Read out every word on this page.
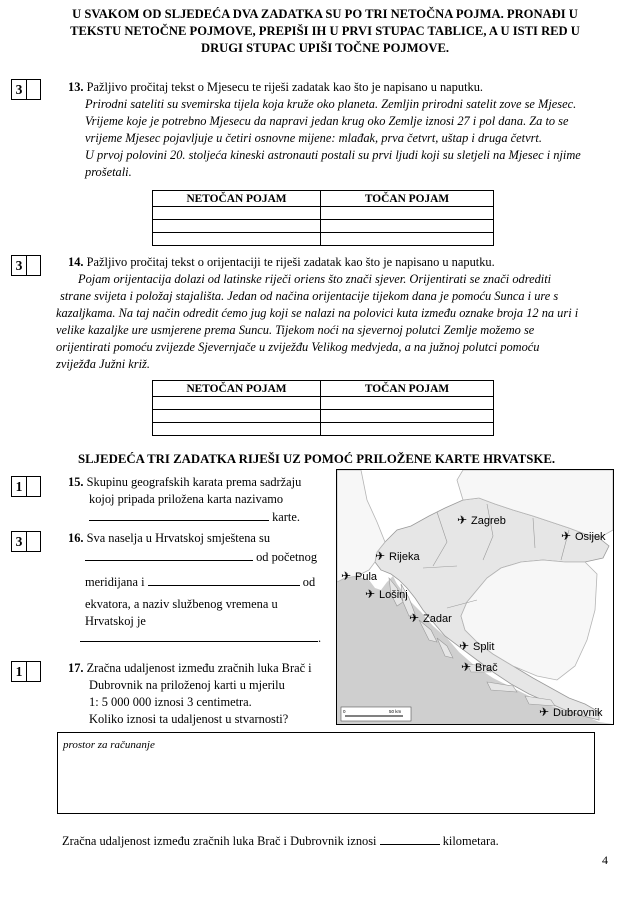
U SVAKOM OD SLJEDEĆA DVA ZADATKA SU PO TRI NETOČNA POJMA. PRONAĐI U
TEKSTU NETOČNE POJMOVE, PREPIŠI IH U PRVI STUPAC TABLICE, A U ISTI RED U
DRUGI STUPAC UPIŠI TOČNE POJMOVE.
3	13. Pažljivo pročitaj tekst o Mjesecu te riješi zadatak kao što je napisano u naputku.
Prirodni sateliti su svemirska tijela koja kruže oko planeta. Zemljin prirodni satelit zove se Mjesec.
Vrijeme koje je potrebno Mjesecu da napravi jedan krug oko Zemlje iznosi 27 i pol dana. Za to se
vrijeme Mjesec pojavljuje u četiri osnovne mijene: mlađak, prva četvrt, uštap i druga četvrt.
U prvoj polovini 20. stoljeća kineski astronauti postali su prvi ljudi koji su sletjeli na Mjesec i njime
prošetali.
NETOČAN POJAM	TOČAN POJAM

3	14. Pažljivo pročitaj tekst o orijentaciji te riješi zadatak kao što je napisano u naputku.
Pojam orijentacija dolazi od latinske riječi oriens što znači sjever. Orijentirati se znači odrediti
strane svijeta i položaj stajališta. Jedan od načina orijentacije tijekom dana je pomoću Sunca i ure s
kazaljkama. Na taj način odredit ćemo jug koji se nalazi na polovici kuta između oznake broja 12 na uri i
velike kazaljke ure usmjerene prema Suncu. Tijekom noći na sjevernoj polutci Zemlje možemo se
orijentirati pomoću zvijezde Sjevernjače u zviježđu Velikog medvjeda, a na južnoj polutci pomoću
zviježđa Južni križ.
NETOČAN POJAM	TOČAN POJAM

SLJEDEĆA TRI ZADATKA RIJEŠI UZ POMOĆ PRILOŽENE KARTE HRVATSKE.
1	15. Skupinu geografskih karata prema sadržaju
kojoj pripada priložena karta nazivamo
karte.
3	16. Sva naselja u Hrvatskoj smještena su
od početnog
meridijana i	od
ekvatora, a naziv službenog vremena u
Hrvatskoj je
.
1	17. Zračna udaljenost između zračnih luka Brač i
Dubrovnik na priloženoj karti u mjerilu
1: 5 000 000 iznosi 3 centimetra.
Koliko iznosi ta udaljenost u stvarnosti?
✈ Zagreb
✈ Osijek
✈ Rijeka
✈ Pula
✈ Lošinj
✈ Zadar
✈ Split
✈ Brač
✈ Dubrovnik
0	50 km
prostor za računanje
Zračna udaljenost između zračnih luka Brač i Dubrovnik iznosi	kilometara.
4
